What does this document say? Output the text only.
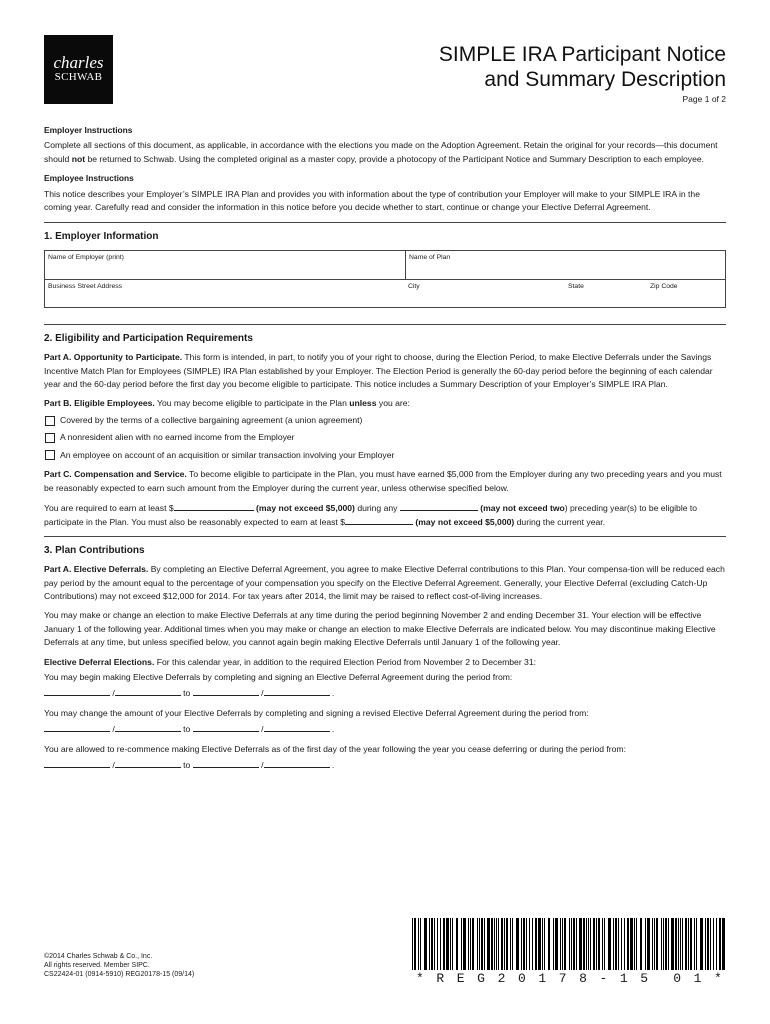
charles
SCHWAB
SIMPLE IRA Participant Notice
and Summary Description
Page 1 of 2
Employer Instructions

Complete all sections of this document, as applicable, in accordance with the elections you made on the Adoption Agreement. Retain the original for your records—this document should not be returned to Schwab. Using the completed original as a master copy, provide a photocopy of the Participant Notice and Summary Description to each employee.

Employee Instructions

This notice describes your Employer’s SIMPLE IRA Plan and provides you with information about the type of contribution your Employer will make to your SIMPLE IRA in the coming year. Carefully read and consider the information in this notice before you decide whether to start, continue or change your Elective Deferral Agreement.

1. Employer Information
Name of Employer (print)	Name of Plan
Business Street Address	City	State	Zip Code
2. Eligibility and Participation Requirements

Part A. Opportunity to Participate. This form is intended, in part, to notify you of your right to choose, during the Election Period, to make Elective Deferrals under the Savings Incentive Match Plan for Employees (SIMPLE) IRA Plan established by your Employer. The Election Period is generally the 60-day period before the beginning of each calendar year and the 60-day period before the first day you become eligible to participate. This notice includes a Summary Description of your Employer’s SIMPLE IRA Plan.

Part B. Eligible Employees. You may become eligible to participate in the Plan unless you are:

Covered by the terms of a collective bargaining agreement (a union agreement)
A nonresident alien with no earned income from the Employer
An employee on account of an acquisition or similar transaction involving your Employer

Part C. Compensation and Service. To become eligible to participate in the Plan, you must have earned $5,000 from the Employer during any two preceding years and you must be reasonably expected to earn such amount from the Employer during the current year, unless otherwise specified below.

You are required to earn at least $	(may not exceed $5,000) during any	(may not exceed two) preceding year(s) to be eligible to participate in the Plan. You must also be reasonably expected to earn at least $	(may not exceed $5,000) during the current year.

3. Plan Contributions

Part A. Elective Deferrals. By completing an Elective Deferral Agreement, you agree to make Elective Deferral contributions to this Plan. Your compensa-tion will be reduced each pay period by the amount equal to the percentage of your compensation you specify on the Elective Deferral Agreement. Generally, your Elective Deferral (excluding Catch-Up Contributions) may not exceed $12,000 for 2014. For tax years after 2014, the limit may be raised to reflect cost-of-living increases.

You may make or change an election to make Elective Deferrals at any time during the period beginning November 2 and ending December 31. Your election will be effective January 1 of the following year. Additional times when you may make or change an election to make Elective Deferrals are indicated below. You may discontinue making Elective Deferrals at any time, but unless specified below, you cannot again begin making Elective Deferrals until January 1 of the following year.

Elective Deferral Elections. For this calendar year, in addition to the required Election Period from November 2 to December 31:

You may begin making Elective Deferrals by completing and signing an Elective Deferral Agreement during the period from:

/	to	/	.

You may change the amount of your Elective Deferrals by completing and signing a revised Elective Deferral Agreement during the period from:

/	to	/	.

You are allowed to re-commence making Elective Deferrals as of the first day of the year following the year you cease deferring or during the period from:

/	to	/	.
©2014 Charles Schwab & Co., Inc.
All rights reserved. Member SIPC.
CS22424-01 (0914-5910) REG20178-15 (09/14)	* R E G 2 0 1 7 8 - 1 5 0 1 *
